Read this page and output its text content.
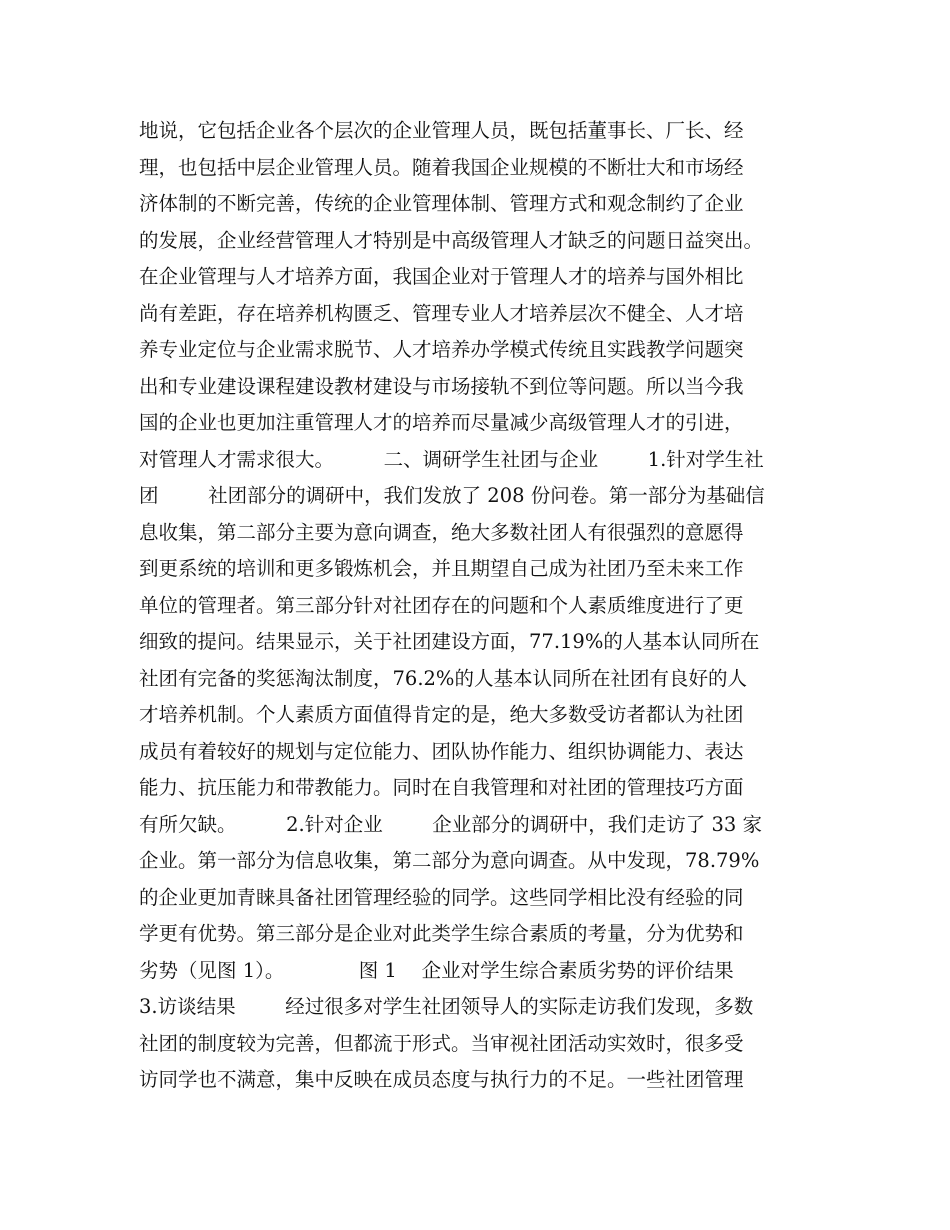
地说，它包括企业各个层次的企业管理人员，既包括董事长、厂长、经
理，也包括中层企业管理人员。随着我国企业规模的不断壮大和市场经
济体制的不断完善，传统的企业管理体制、管理方式和观念制约了企业
的发展，企业经营管理人才特别是中高级管理人才缺乏的问题日益突出。
在企业管理与人才培养方面，我国企业对于管理人才的培养与国外相比
尚有差距，存在培养机构匮乏、管理专业人才培养层次不健全、人才培
养专业定位与企业需求脱节、人才培养办学模式传统且实践教学问题突
出和专业建设课程建设教材建设与市场接轨不到位等问题。所以当今我
国的企业也更加注重管理人才的培养而尽量减少高级管理人才的引进，
对管理人才需求很大。        二、调研学生社团与企业        1.针对学生社
团        社团部分的调研中，我们发放了 208 份问卷。第一部分为基础信
息收集，第二部分主要为意向调查，绝大多数社团人有很强烈的意愿得
到更系统的培训和更多锻炼机会，并且期望自己成为社团乃至未来工作
单位的管理者。第三部分针对社团存在的问题和个人素质维度进行了更
细致的提问。结果显示，关于社团建设方面，77.19%的人基本认同所在
社团有完备的奖惩淘汰制度，76.2%的人基本认同所在社团有良好的人
才培养机制。个人素质方面值得肯定的是，绝大多数受访者都认为社团
成员有着较好的规划与定位能力、团队协作能力、组织协调能力、表达
能力、抗压能力和带教能力。同时在自我管理和对社团的管理技巧方面
有所欠缺。        2.针对企业        企业部分的调研中，我们走访了 33 家
企业。第一部分为信息收集，第二部分为意向调查。从中发现，78.79%
的企业更加青睐具备社团管理经验的同学。这些同学相比没有经验的同
学更有优势。第三部分是企业对此类学生综合素质的考量，分为优势和
劣势（见图 1）。            图 1    企业对学生综合素质劣势的评价结果
3.访谈结果        经过很多对学生社团领导人的实际走访我们发现，多数
社团的制度较为完善，但都流于形式。当审视社团活动实效时，很多受
访同学也不满意，集中反映在成员态度与执行力的不足。一些社团管理
